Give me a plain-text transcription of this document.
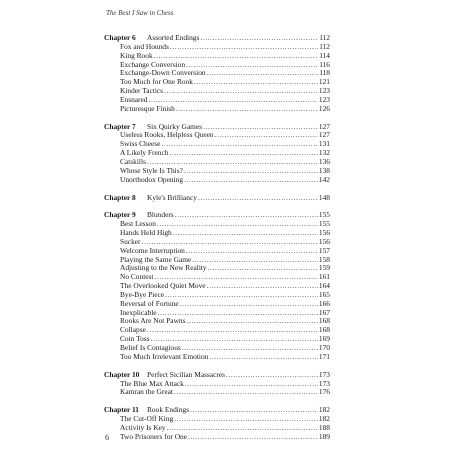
The Best I Saw in Chess
Chapter 6	Assorted Endings .....	112
Fox and Hounds .....	112
King Rook .....	114
Exchange Conversion .....	116
Exchange-Down Conversion .....	118
Too Much for One Rook .....	121
Kinder Tactics .....	123
Ensnared .....	123
Picturesque Finish .....	126
Chapter 7	Six Quirky Games .....	127
Useless Rooks, Helpless Queen .....	127
Swiss Cheese .....	131
A Likely French .....	132
Catskills .....	136
Whose Style Is This? .....	138
Unorthodox Opening .....	142
Chapter 8	Kyle's Brilliancy .....	148
Chapter 9	Blunders .....	155
Best Lesson .....	155
Hands Held High .....	156
Sucker .....	156
Welcome Interruption .....	157
Playing the Same Game .....	158
Adjusting to the New Reality .....	159
No Contest .....	161
The Overlooked Quiet Move .....	164
Bye-Bye Piece .....	165
Reversal of Fortune .....	166
Inexplicable .....	167
Rooks Are Not Pawns .....	168
Collapse .....	168
Coin Toss .....	169
Belief Is Contagious .....	170
Too Much Irrelevant Emotion .....	171
Chapter 10	Perfect Sicilian Massacres .....	173
The Blue Max Attack .....	173
Kamran the Great .....	176
Chapter 11	Rook Endings .....	182
The Cut-Off King .....	182
Activity Is Key .....	188
Two Prisoners for One .....	189
6
